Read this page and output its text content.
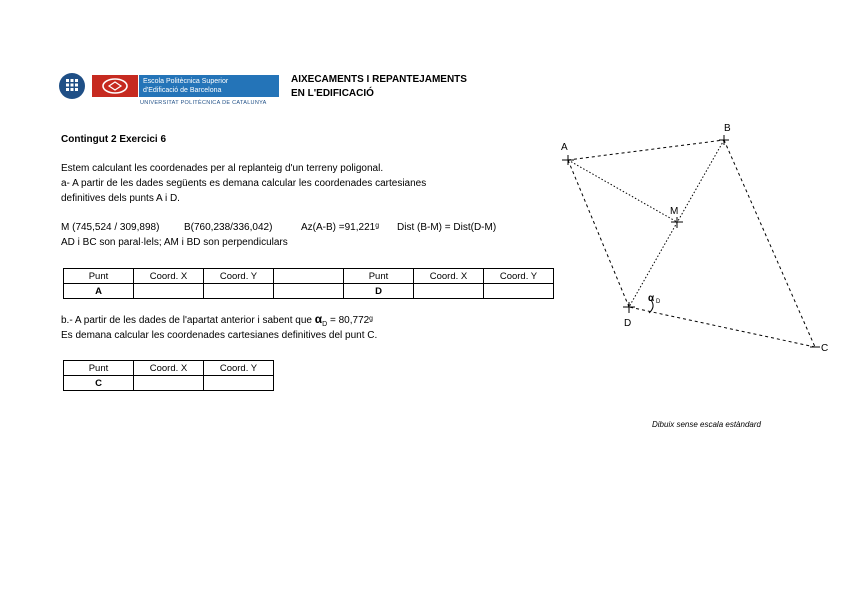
Escola Politècnica Superior
d'Edificació de Barcelona
UNIVERSITAT POLITÈCNICA DE CATALUNYA
AIXECAMENTS I REPANTEJAMENTS
EN L'EDIFICACIÓ
Contingut 2 Exercici 6
Estem calculant les coordenades per al replanteig d'un terreny poligonal.
a- A partir de les dades següents es demana calcular les coordenades cartesianes
definitives dels punts A i D.
M (745,524 / 309,898) B(760,238/336,042)	Az(A-B) =91,221ᵍ Dist (B-M) = Dist(D-M)
AD i BC son paral·lels; AM i BD son perpendiculars
Punt	Coord. X	Coord. Y		Punt	Coord. X	Coord. Y
A				D		
b.- A partir de les dades de l'apartat anterior i sabent que $\alpha_D$ = 80,772ᵍ
Es demana calcular les coordenades cartesianes definitives del punt C.
Punt	Coord. X	Coord. Y
C		
A
B
C
D
M
α D
Dibuix sense escala estàndard
